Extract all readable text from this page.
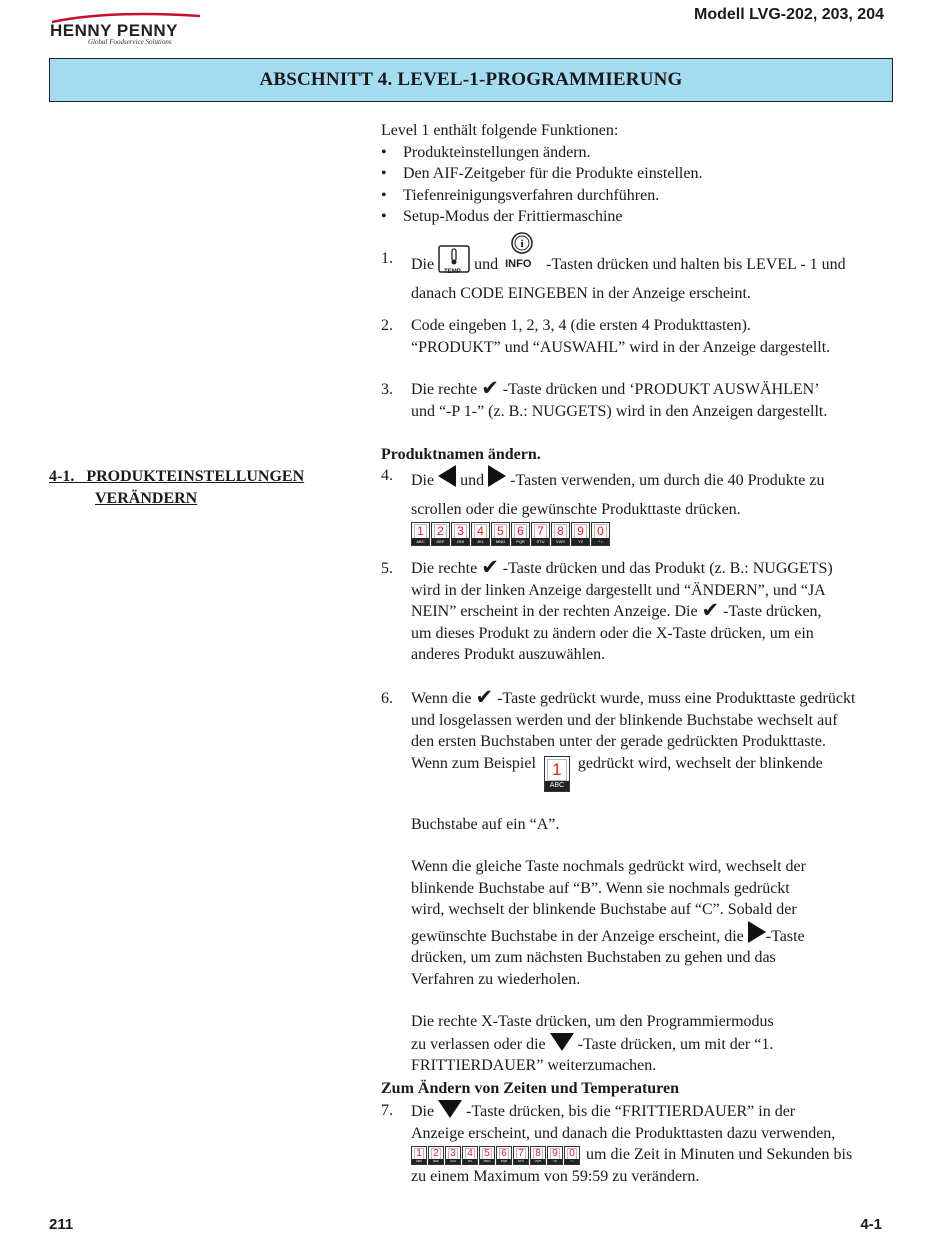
HENNY PENNY
Global Foodservice Solutions
Modell LVG-202, 203, 204
ABSCHNITT 4. LEVEL-1-PROGRAMMIERUNG
4-1. PRODUKTEINSTELLUNGEN
VERÄNDERN
Level 1 enthält folgende Funktionen:
• Produkteinstellungen ändern.
• Den AIF-Zeitgeber für die Produkte einstellen.
• Tiefenreinigungsverfahren durchführen.
• Setup-Modus der Frittiermaschine
1.	Die TEMP und
i
INFO -Tasten drücken und halten bis LEVEL - 1 und
danach CODE EINGEBEN in der Anzeige erscheint.
2.	Code eingeben 1, 2, 3, 4 (die ersten 4 Produkttasten).
“PRODUKT” und “AUSWAHL” wird in der Anzeige dargestellt.
3.	Die rechte ✔ -Taste drücken und ‘PRODUKT AUSWÄHLEN’
und “-P 1-” (z. B.: NUGGETS) wird in den Anzeigen dargestellt.
Produktnamen ändern.
4.	Die und -Tasten verwenden, um durch die 40 Produkte zu
scrollen oder die gewünschte Produkttaste drücken.
1
ABC
2
DEF
3
GHI
4
JKL
5
MNO
6
PQR
7
STU
8
VWX
9
YZ
0
* •
5.	Die rechte ✔ -Taste drücken und das Produkt (z. B.: NUGGETS)
wird in der linken Anzeige dargestellt und “ÄNDERN”, und “JA
NEIN” erscheint in der rechten Anzeige. Die ✔ -Taste drücken,
um dieses Produkt zu ändern oder die X-Taste drücken, um ein
anderes Produkt auszuwählen.
6.	Wenn die ✔ -Taste gedrückt wurde, muss eine Produkttaste gedrückt
und losgelassen werden und der blinkende Buchstabe wechselt auf
den ersten Buchstaben unter der gerade gedrückten Produkttaste.
Wenn zum Beispiel 1
ABC
gedrückt wird, wechselt der blinkende
Buchstabe auf ein “A”.
Wenn die gleiche Taste nochmals gedrückt wird, wechselt der
blinkende Buchstabe auf “B”. Wenn sie nochmals gedrückt
wird, wechselt der blinkende Buchstabe auf “C”. Sobald der
gewünschte Buchstabe in der Anzeige erscheint, die -Taste
drücken, um zum nächsten Buchstaben zu gehen und das
Verfahren zu wiederholen.
Die rechte X-Taste drücken, um den Programmiermodus
zu verlassen oder die -Taste drücken, um mit der “1.
FRITTIERDAUER” weiterzumachen.
Zum Ändern von Zeiten und Temperaturen
7.	Die -Taste drücken, bis die “FRITTIERDAUER” in der
Anzeige erscheint, und danach die Produkttasten dazu verwenden,
1
ABC
2
DEF
3
GHI
4
JKL
5
MNO
6
PQR
7
STU
8
VWX
9
YZ
0
* • um die Zeit in Minuten und Sekunden bis
zu einem Maximum von 59:59 zu verändern.
211	4-1
